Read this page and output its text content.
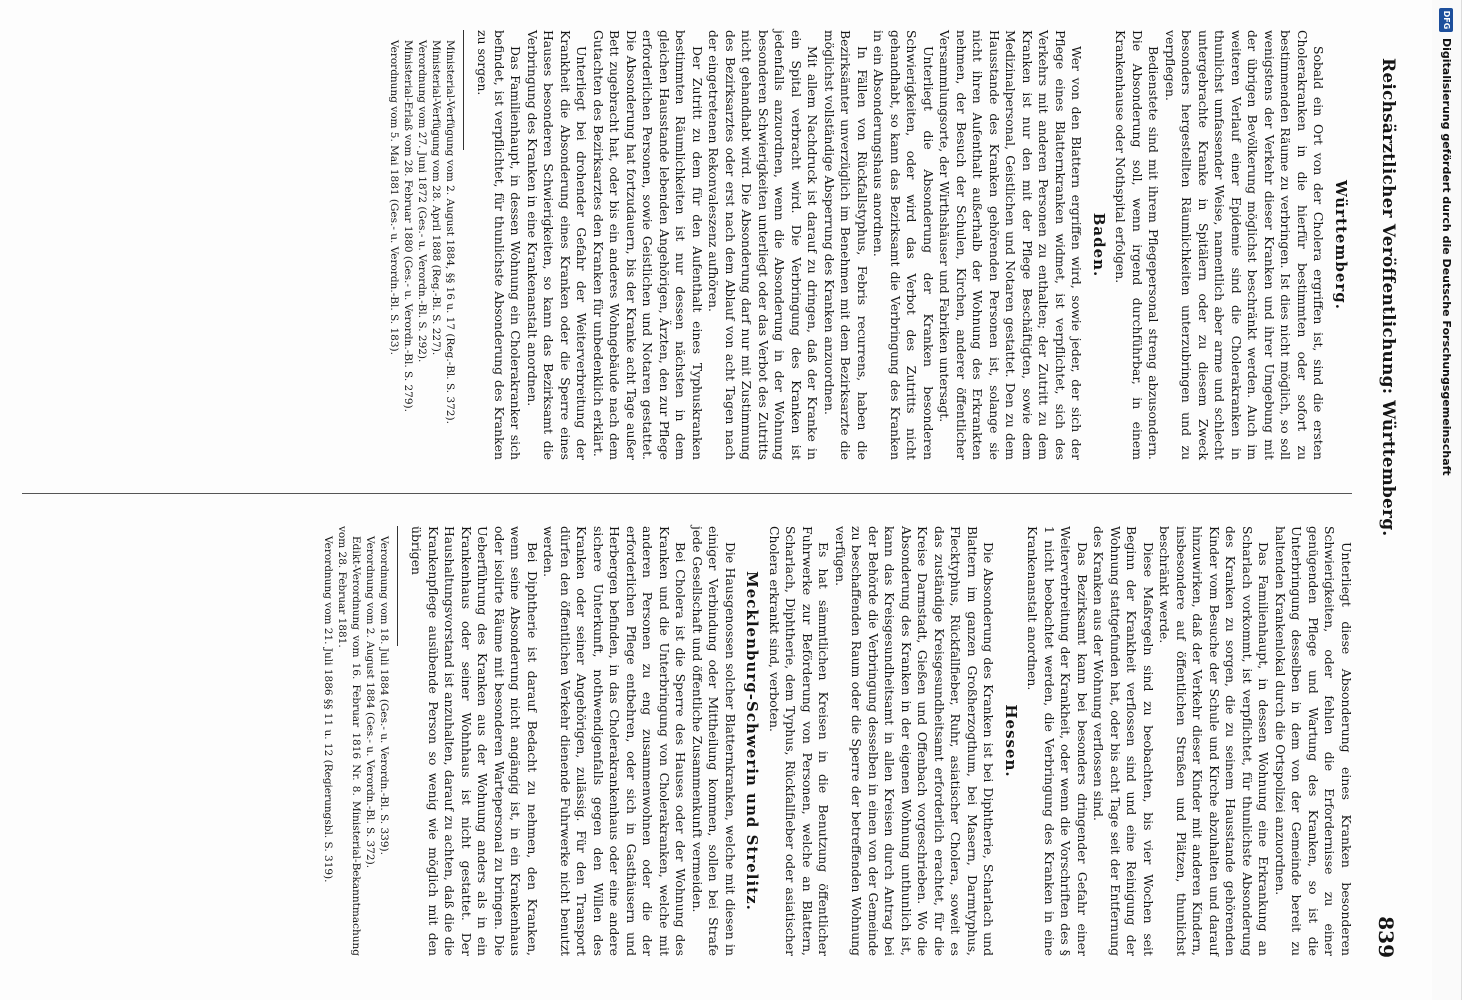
Reichsärztlicher Veröffentlichung: Württemberg.
839
Württemberg.

Sobald ein Ort von der Cholera ergriffen ist, sind die ersten Cholerakranken in die hierfür bestimmten oder sofort zu bestimmenden Räume zu verbringen. Ist dies nicht möglich, so soll wenigstens der Verkehr dieser Kranken und ihrer Umgebung mit der übrigen Bevölkerung möglichst beschränkt werden. Auch im weiteren Verlauf einer Epidemie sind die Cholerakranken in thunlichst umfassender Weise, namentlich aber arme und schlecht untergebrachte Kranke in Spitälern oder zu diesem Zweck besonders hergestellten Räumlichkeiten unterzubringen und zu verpflegen.

Bedienstete sind mit ihrem Pflegepersonal streng abzusondern. Die Absonderung soll, wenn irgend durchführbar, in einem Krankenhause oder Nothspital erfolgen.

Baden.

Wer von den Blattern ergriffen wird, sowie jeder, der sich der Pflege eines Blatternkranken widmet, ist verpflichtet, sich des Verkehrs mit anderen Personen zu enthalten; der Zutritt zu dem Kranken ist nur den mit der Pflege Beschäftigten, sowie dem Medizinalpersonal, Geistlichen und Notaren gestattet. Den zu dem Hausstande des Kranken gehörenden Personen ist, solange sie nicht ihren Aufenthalt außerhalb der Wohnung des Erkrankten nehmen, der Besuch der Schulen, Kirchen, anderer öffentlicher Versammlungsorte, der Wirthshäuser und Fabriken untersagt.

Unterliegt die Absonderung der Kranken besonderen Schwierigkeiten, oder wird das Verbot des Zutritts nicht gehandhabt, so kann das Bezirksamt die Verbringung des Kranken in ein Absonderungshaus anordnen.

In Fällen von Rückfallstyphus, Febris recurrens, haben die Bezirksämter unverzüglich im Benehmen mit dem Bezirksarzte die möglichst vollständige Absperrung des Kranken anzuordnen.

Mit allem Nachdruck ist darauf zu dringen, daß der Kranke in ein Spital verbracht wird. Die Verbringung des Kranken ist jedenfalls anzuordnen, wenn die Absonderung in der Wohnung besonderen Schwierigkeiten unterliegt oder das Verbot des Zutritts nicht gehandhabt wird. Die Absonderung darf nur mit Zustimmung des Bezirksarztes oder erst nach dem Ablauf von acht Tagen nach der eingetretenen Rekonvaleszenz aufhören.

Der Zutritt zu dem für den Aufenthalt eines Typhuskranken bestimmten Räumlichkeiten ist nur dessen nächsten in dem gleichen Hausstande lebenden Angehörigen, Ärzten, den zur Pflege erforderlichen Personen, sowie Geistlichen und Notaren gestattet. Die Absonderung hat fortzudauern, bis der Kranke acht Tage außer Bett zugebracht hat, oder bis ein anderes Wohngebäude nach dem Gutachten des Bezirksarztes den Kranken für unbedenklich erklärt.

Unterliegt bei drohender Gefahr der Weiterverbreitung der Krankheit die Absonderung eines Kranken oder die Sperre eines Hauses besonderen Schwierigkeiten, so kann das Bezirksamt die Verbringung des Kranken in eine Krankenanstalt anordnen.

Das Familienhaupt, in dessen Wohnung ein Cholerakranker sich befindet, ist verpflichtet, für thunlichste Absonderung des Kranken zu sorgen.

Ministerial-Verfügung vom 2. August 1884, §§ 16 u. 17 (Reg.-Bl. S. 372).

Ministerial-Verfügung vom 28. April 1888 (Reg.-Bl. S. 227).

Verordnung vom 27. Juni 1872 (Ges.- u. Verordn.-Bl. S. 292).

Ministerial-Erlaß vom 28. Februar 1880 (Ges.- u. Verordn.-Bl. S. 279).

Verordnung vom 5. Mai 1881 (Ges.- u. Verordn.-Bl. S. 183).

Unterliegt diese Absonderung eines Kranken besonderen Schwierigkeiten, oder fehlen die Erfordernisse zu einer genügenden Pflege und Wartung des Kranken, so ist die Unterbringung desselben in dem von der Gemeinde bereit zu haltenden Krankenlokal durch die Ortspolizei anzuordnen.

Das Familienhaupt, in dessen Wohnung eine Erkrankung an Scharlach vorkommt, ist verpflichtet, für thunlichste Absonderung des Kranken zu sorgen, die zu seinem Hausstande gehörenden Kinder vom Besuche der Schule und Kirche abzuhalten und darauf hinzuwirken, daß der Verkehr dieser Kinder mit anderen Kindern, insbesondere auf öffentlichen Straßen und Plätzen, thunlichst beschränkt werde.

Diese Maßregeln sind zu beobachten, bis vier Wochen seit Beginn der Krankheit verflossen sind und eine Reinigung der Wohnung stattgefunden hat, oder bis acht Tage seit der Entfernung des Kranken aus der Wohnung verflossen sind.

Das Bezirksamt kann bei besonders dringender Gefahr einer Weiterverbreitung der Krankheit, oder wenn die Vorschriften des § 1 nicht beobachtet werden, die Verbringung des Kranken in eine Krankenanstalt anordnen.

Hessen.

Die Absonderung des Kranken ist bei Diphtherie, Scharlach und Blattern im ganzen Großherzogthum, bei Masern, Darmtyphus, Flecktyphus, Rückfallfieber, Ruhr, asiatischer Cholera, soweit es das zuständige Kreisgesundheitsamt erforderlich erachtet, für die Kreise Darmstadt, Gießen und Offenbach vorgeschrieben. Wo die Absonderung des Kranken in der eigenen Wohnung unthunlich ist, kann das Kreisgesundheitsamt in allen Kreisen durch Antrag bei der Behörde die Verbringung desselben in einen von der Gemeinde zu beschaffenden Raum oder die Sperre der betreffenden Wohnung verfügen.

Es hat sämmtlichen Kreisen in die Benutzung öffentlicher Fuhrwerke zur Beförderung von Personen, welche an Blattern, Scharlach, Diphtherie, dem Typhus, Rückfallfieber oder asiatischer Cholera erkrankt sind, verboten.

Mecklenburg-Schwerin und Strelitz.

Die Hausgenossen solcher Blatternkranken, welche mit diesen in einiger Verbindung oder Mittheilung kommen, sollen bei Strafe jede Gesellschaft und öffentliche Zusammenkunft vermeiden.

Bei Cholera ist die Sperre des Hauses oder der Wohnung des Kranken und die Unterbringung von Cholerakranken, welche mit anderen Personen zu eng zusammenwohnen oder die der erforderlichen Pflege entbehren, oder sich in Gasthäusern und Herbergen befinden, in das Cholerakrankenhaus oder eine andere sichere Unterkunft, nothwendigenfalls gegen den Willen des Kranken oder seiner Angehörigen, zulässig. Für den Transport dürfen den öffentlichen Verkehr dienende Fuhrwerke nicht benutzt werden.

Bei Diphtherie ist darauf Bedacht zu nehmen, den Kranken, wenn seine Absonderung nicht angängig ist, in ein Krankenhaus oder isolirte Räume mit besonderen Wartepersonal zu bringen. Die Ueberführung des Kranken aus der Wohnung anders als in ein Krankenhaus oder seiner Wohnhaus ist nicht gestattet. Der Haushaltungsvorstand ist anzuhalten, darauf zu achten, daß die die Krankenpflege ausübende Person so wenig wie möglich mit den übrigen

Verordnung vom 18. Juli 1884 (Ges.- u. Verordn.-Bl. S. 339).

Verordnung vom 2. August 1884 (Ges.- u. Verordn.-Bl. S. 372).

Edikt-Verordnung vom 16. Februar 1816 Nr. 8. Ministerial-Bekanntmachung vom 28. Februar 1881.

Verordnung vom 21. Juli 1886 §§ 11 u. 12 (Regierungsbl. S. 319).

DFG
Digitalisierung gefördert durch die Deutsche Forschungsgemeinschaft
